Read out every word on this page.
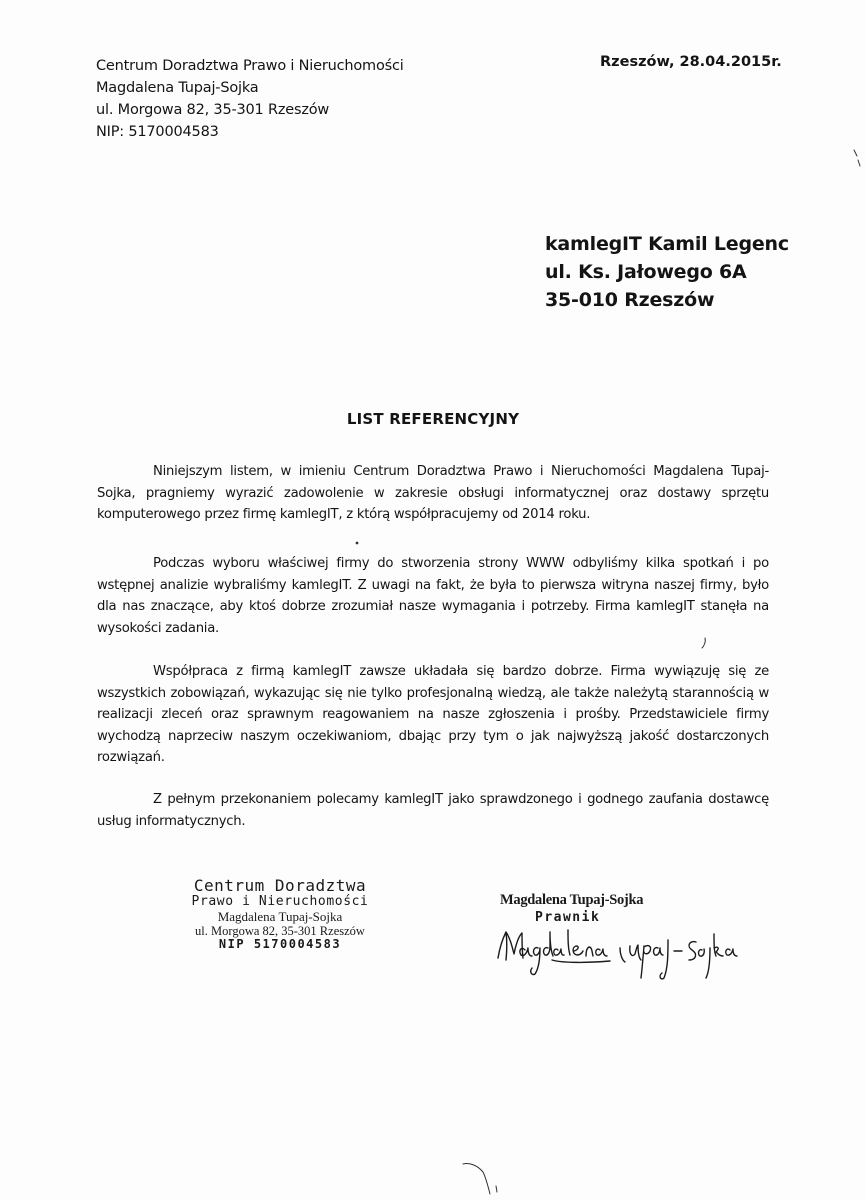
Centrum Doradztwa Prawo i Nieruchomości
Magdalena Tupaj-Sojka
ul. Morgowa 82, 35-301 Rzeszów
NIP: 5170004583
Rzeszów, 28.04.2015r.
kamlegIT Kamil Legenc
ul. Ks. Jałowego 6A
35-010 Rzeszów
LIST REFERENCYJNY

Niniejszym listem, w imieniu Centrum Doradztwa Prawo i Nieruchomości Magdalena Tupaj-Sojka, pragniemy wyrazić zadowolenie w zakresie obsługi informatycznej oraz dostawy sprzętu komputerowego przez firmę kamlegIT, z którą współpracujemy od 2014 roku.

Podczas wyboru właściwej firmy do stworzenia strony WWW odbyliśmy kilka spotkań i po wstępnej analizie wybraliśmy kamlegIT. Z uwagi na fakt, że była to pierwsza witryna naszej firmy, było dla nas znaczące, aby ktoś dobrze zrozumiał nasze wymagania i potrzeby. Firma kamlegIT stanęła na wysokości zadania.

Współpraca z firmą kamlegIT zawsze układała się bardzo dobrze. Firma wywiązuję się ze wszystkich zobowiązań, wykazując się nie tylko profesjonalną wiedzą, ale także należytą starannością w realizacji zleceń oraz sprawnym reagowaniem na nasze zgłoszenia i prośby. Przedstawiciele firmy wychodzą naprzeciw naszym oczekiwaniom, dbając przy tym o jak najwyższą jakość dostarczonych rozwiązań.

Z pełnym przekonaniem polecamy kamlegIT jako sprawdzonego i godnego zaufania dostawcę usług informatycznych.

Centrum Doradztwa
Prawo i Nieruchomości
Magdalena Tupaj-Sojka
ul. Morgowa 82, 35-301 Rzeszów
NIP 5170004583
Magdalena Tupaj-Sojka
Prawnik
